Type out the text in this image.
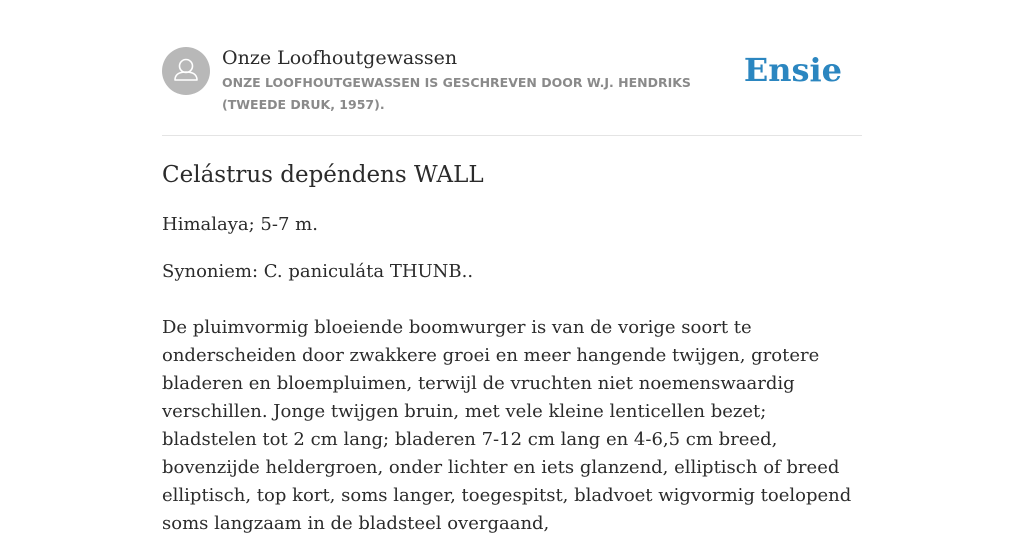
Onze Loofhoutgewassen
ONZE LOOFHOUTGEWASSEN IS GESCHREVEN DOOR W.J. HENDRIKS (TWEEDE DRUK, 1957).
Ensie
Celástrus depéndens WALL

Himalaya; 5-7 m.

Synoniem: C. paniculáta THUNB..

De pluimvormig bloeiende boomwurger is van de vorige soort te onderscheiden door zwakkere groei en meer hangende twijgen, grotere bladeren en bloempluimen, terwijl de vruchten niet noemenswaardig verschillen. Jonge twijgen bruin, met vele kleine lenticellen bezet; bladstelen tot 2 cm lang; bladeren 7-12 cm lang en 4-6,5 cm breed, bovenzijde heldergroen, onder lichter en iets glanzend, elliptisch of breed elliptisch, top kort, soms langer, toegespitst, bladvoet wigvormig toelopend soms langzaam in de bladsteel overgaand,
